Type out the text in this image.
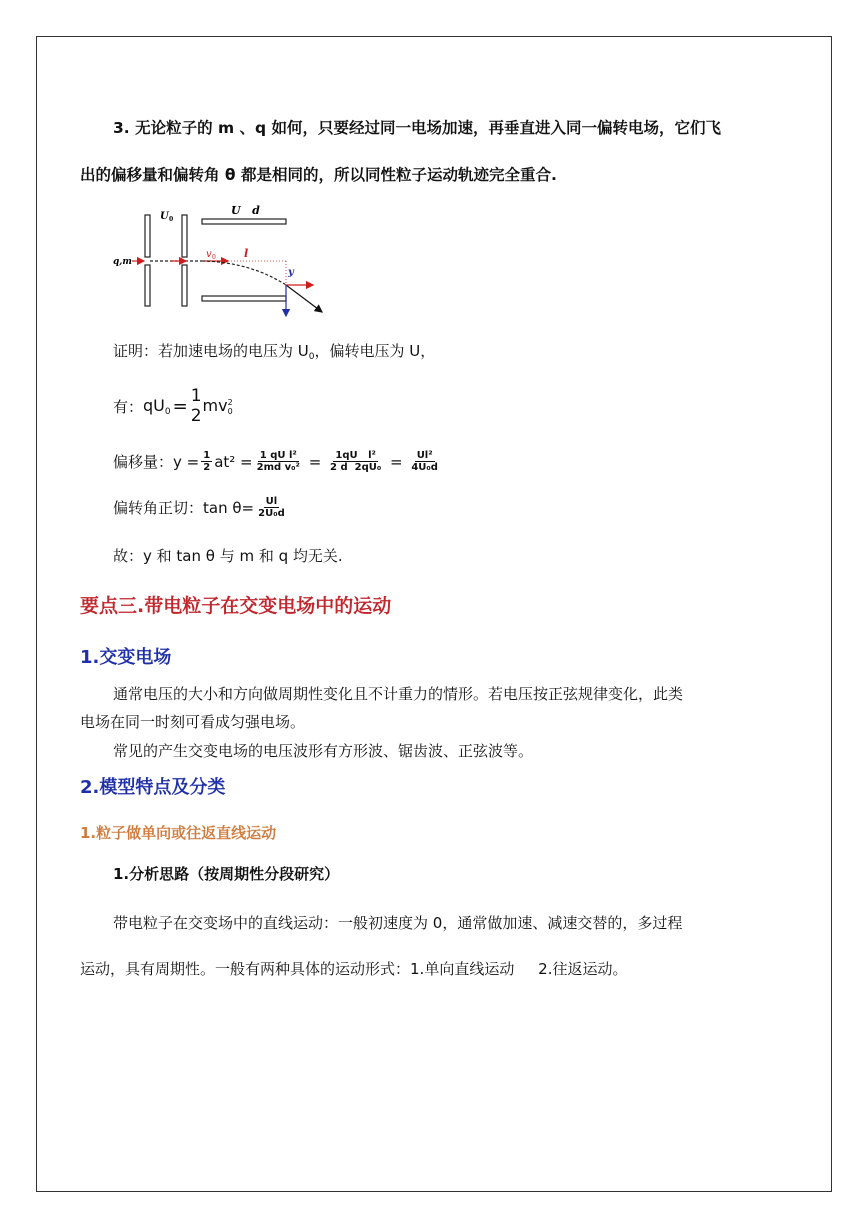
3. 无论粒子的 m 、q 如何，只要经过同一电场加速，再垂直进入同一偏转电场，它们飞
出的偏移量和偏转角 θ 都是相同的，所以同性粒子运动轨迹完全重合.
U 0
U   d
q,m
v 0	l
y
证明：若加速电场的电压为 $U_0$，偏转电压为 U，
有： $qU_0 = 1$
2
mv 2
0
偏移量： $y = \frac{1}{2} at^2 = \frac{\text{1 qU l²}}{\text{2md v₀²}} = \frac{\text{1qU   l²}}{\text{2 d  2qU₀}} = \frac{\text{Ul²}}{\text{4U₀d}}$
偏转角正切： $\tan \theta= \frac{Ul}{\text{2U₀d}}$
故：y 和 tan θ 与 m 和 q 均无关.
要点三.带电粒子在交变电场中的运动
1.交变电场
通常电压的大小和方向做周期性变化且不计重力的情形。若电压按正弦规律变化，此类
电场在同一时刻可看成匀强电场。
常见的产生交变电场的电压波形有方形波、锯齿波、正弦波等。
2.模型特点及分类
1.粒子做单向或往返直线运动
1.分析思路（按周期性分段研究）
带电粒子在交变场中的直线运动：一般初速度为 0，通常做加速、减速交替的，多过程
运动，具有周期性。一般有两种具体的运动形式：1.单向直线运动     2.往返运动。
